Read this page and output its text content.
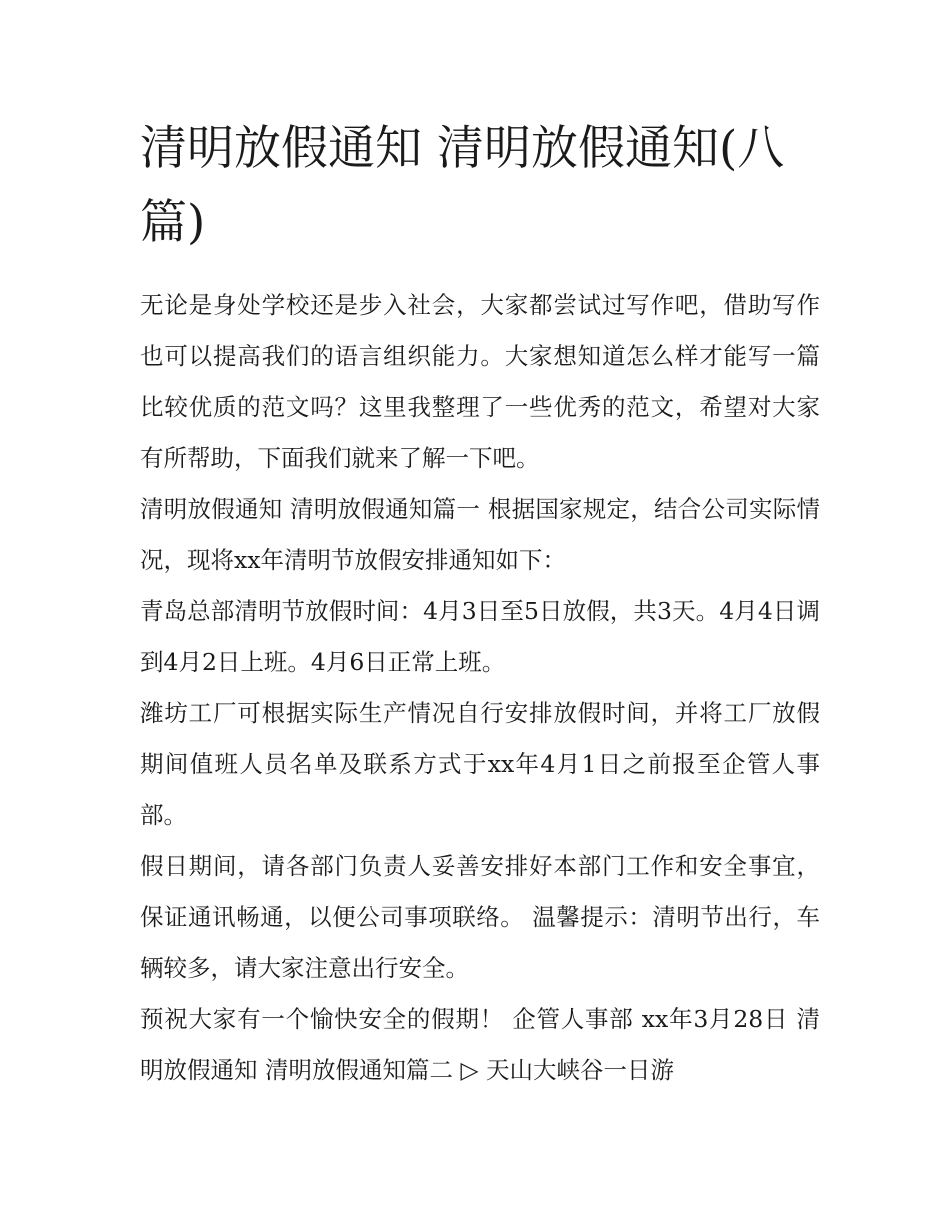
清明放假通知 清明放假通知(八篇)

无论是身处学校还是步入社会，大家都尝试过写作吧，借助写作也可以提高我们的语言组织能力。大家想知道怎么样才能写一篇比较优质的范文吗？这里我整理了一些优秀的范文，希望对大家有所帮助，下面我们就来了解一下吧。

清明放假通知 清明放假通知篇一 根据国家规定，结合公司实际情况，现将xx年清明节放假安排通知如下：

青岛总部清明节放假时间：4月3日至5日放假，共3天。4月4日调到4月2日上班。4月6日正常上班。

潍坊工厂可根据实际生产情况自行安排放假时间，并将工厂放假期间值班人员名单及联系方式于xx年4月1日之前报至企管人事部。

假日期间，请各部门负责人妥善安排好本部门工作和安全事宜，保证通讯畅通，以便公司事项联络。 温馨提示：清明节出行，车辆较多，请大家注意出行安全。

预祝大家有一个愉快安全的假期！ 企管人事部 xx年3月28日 清明放假通知 清明放假通知篇二 ▷ 天山大峡谷一日游
